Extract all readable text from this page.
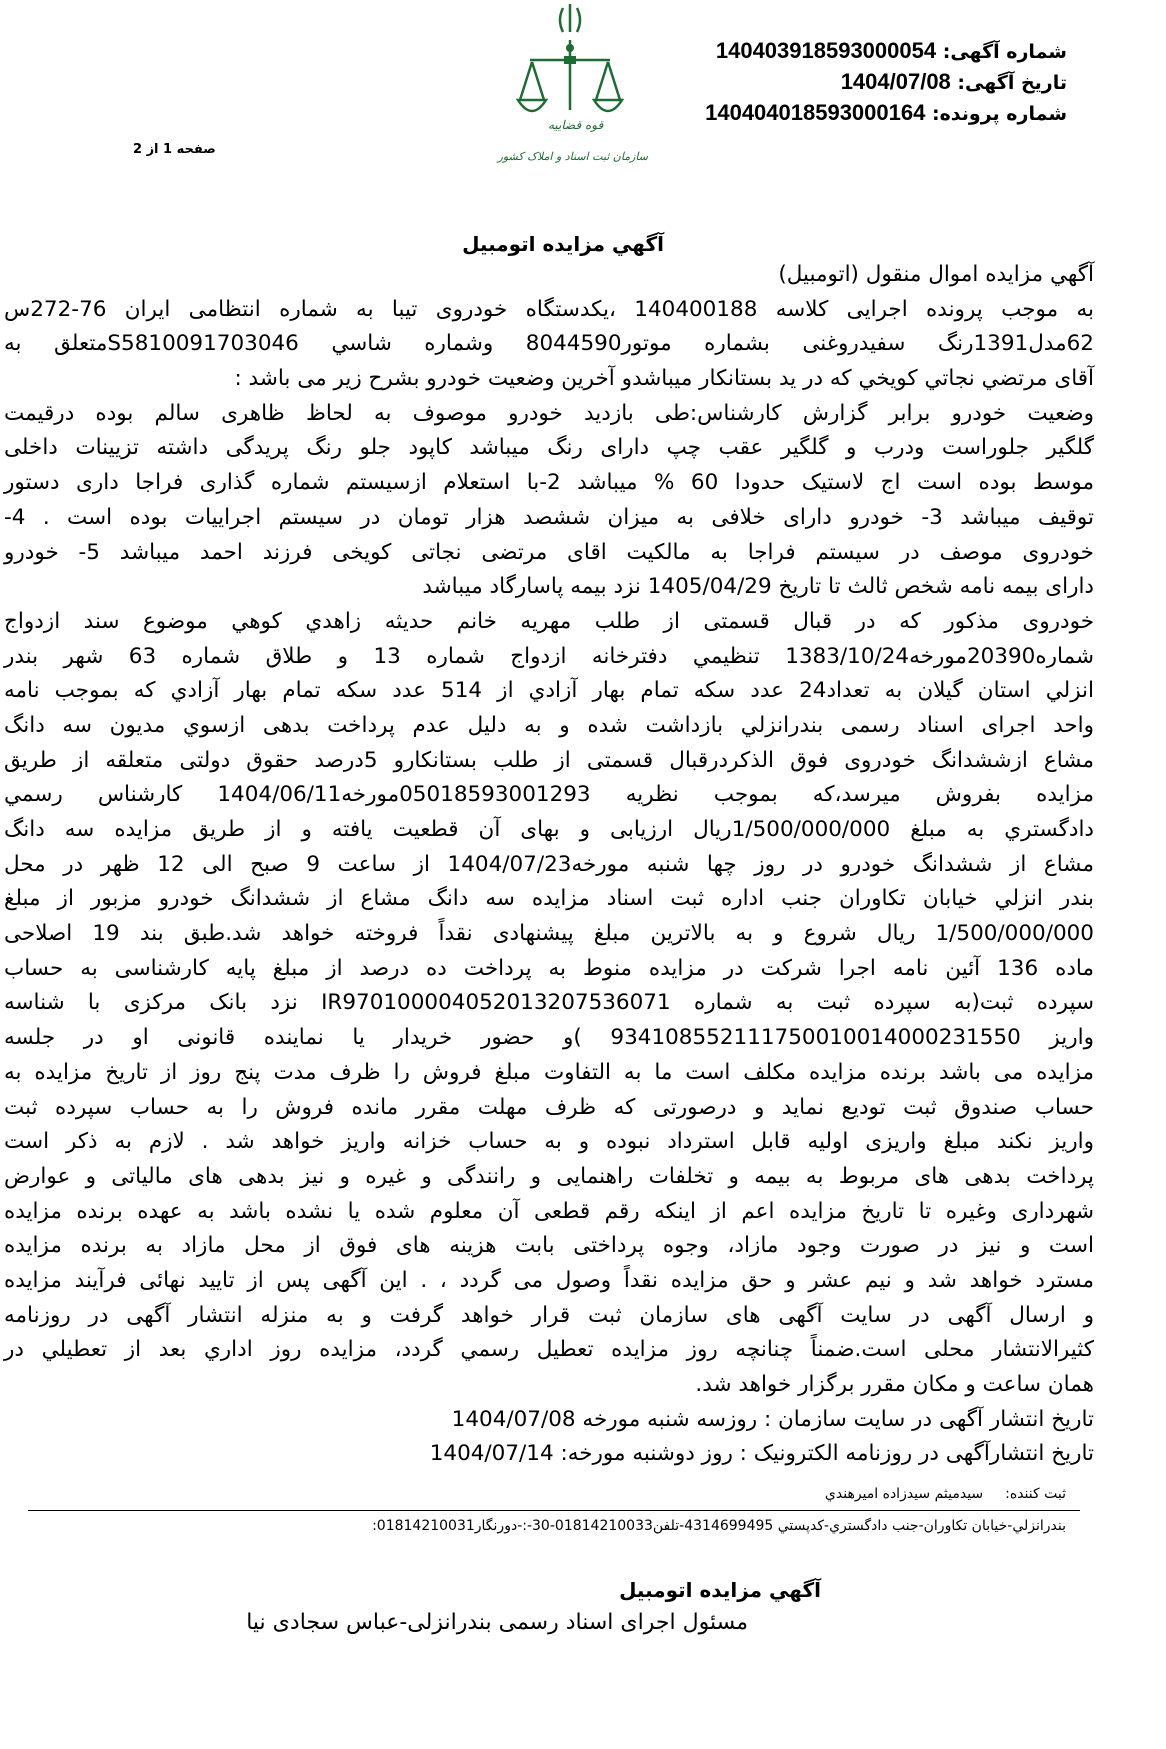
شماره آگهی: 140403918593000054
تاریخ آگهی: 1404/07/08
شماره پرونده: 140404018593000164
قوه قضاییه
سازمان ثبت اسناد و املاک کشور
صفحه 1 از 2
آگهي مزايده اتومبيل
آگهي مزايده اموال منقول (اتومبيل)
به موجب پرونده اجرایی کلاسه 140400188 ،یکدستگاه خودروی تیبا به شماره انتظامی ایران 76-272س
62مدل1391رنگ سفیدروغنی بشماره موتور8044590 وشماره شاسي S5810091703046متعلق به
آقای مرتضي نجاتي كويخي كه در يد بستانكار ميباشدو آخرین وضعیت خودرو بشرح زیر می باشد :
وضعیت خودرو برابر گزارش کارشناس:طی بازدید خودرو موصوف به لحاظ ظاهری سالم بوده درقیمت
گلگیر جلوراست ودرب و گلگیر عقب چپ دارای رنگ میباشد کاپود جلو رنگ پریدگی داشته تزیینات داخلی
موسط بوده است اج لاستیک حدودا 60 % میباشد 2-با استعلام ازسیستم شماره گذاری فراجا داری دستور
توقیف میباشد 3- خودرو دارای خلافی به میزان ششصد هزار تومان در سیستم اجراییات بوده است . 4-
خودروی موصف در سیستم فراجا به مالکیت اقای مرتضی نجاتی کویخی فرزند احمد میباشد 5- خودرو
دارای بیمه نامه شخص ثالث تا تاریخ 1405/04/29 نزد بیمه پاسارگاد میباشد
خودروی مذکور که در قبال قسمتی از طلب مهریه خانم حدیثه زاهدي كوهي موضوع سند ازدواج
شماره20390مورخه1383/10/24 تنظيمي دفترخانه ازدواج شماره 13 و طلاق شماره 63 شهر بندر
انزلي استان گيلان به تعداد24 عدد سكه تمام بهار آزادي از 514 عدد سكه تمام بهار آزادي كه بموجب نامه
واحد اجرای اسناد رسمی بندرانزلي بازداشت شده و به دلیل عدم پرداخت بدهی ازسوي مديون سه دانگ
مشاع ازششدانگ خودروی فوق الذکردرقبال قسمتی از طلب بستانکارو 5درصد حقوق دولتی متعلقه از طریق
مزایده بفروش میرسد،که بموجب نظریه 05018593001293مورخه1404/06/11 کارشناس رسمي
دادگستري به مبلغ 1/500/000/000ریال ارزیابی و بهای آن قطعیت یافته و از طریق مزایده سه دانگ
مشاع از ششدانگ خودرو در روز چها شنبه مورخه1404/07/23 از ساعت 9 صبح الی 12 ظهر در محل
بندر انزلي خيابان تكاوران جنب اداره ثبت اسناد مزایده سه دانگ مشاع از ششدانگ خودرو مزبور از مبلغ
1/500/000/000 ریال شروع و به بالاترین مبلغ پیشنهادی نقداً فروخته خواهد شد.طبق بند 19 اصلاحی
ماده 136 آئین نامه اجرا شرکت در مزایده منوط به پرداخت ده درصد از مبلغ پایه کارشناسی به حساب
سپرده ثبت(به سپرده ثبت به شماره IR970100004052013207536071 نزد بانک مرکزی با شناسه
واریز 934108552111750010014000231550 )و حضور خریدار یا نماینده قانونی او در جلسه
مزایده می باشد برنده مزایده مکلف است ما به التفاوت مبلغ فروش را ظرف مدت پنج روز از تاریخ مزایده به
حساب صندوق ثبت تودیع نماید و درصورتی که ظرف مهلت مقرر مانده فروش را به حساب سپرده ثبت
واریز نکند مبلغ واریزی اولیه قابل استرداد نبوده و به حساب خزانه واریز خواهد شد . لازم به ذکر است
پرداخت بدهی های مربوط به بیمه و تخلفات راهنمایی و رانندگی و غیره و نیز بدهی های مالیاتی و عوارض
شهرداری وغیره تا تاریخ مزایده اعم از اینکه رقم قطعی آن معلوم شده یا نشده باشد به عهده برنده مزایده
است و نیز در صورت وجود مازاد، وجوه پرداختی بابت هزینه های فوق از محل مازاد به برنده مزایده
مسترد خواهد شد و نیم عشر و حق مزایده نقداً وصول می گردد ، . این آگهی پس از تایید نهائی فرآیند مزایده
و ارسال آگهی در سایت آگهی های سازمان ثبت قرار خواهد گرفت و به منزله انتشار آگهی در روزنامه
کثیرالانتشار محلی است.ضمناً چنانچه روز مزایده تعطیل رسمي گردد، مزايده روز اداري بعد از تعطيلي در
همان ساعت و مکان مقرر برگزار خواهد شد.
تاریخ انتشار آگهی در سایت سازمان : روزسه شنبه مورخه 1404/07/08
تاریخ انتشارآگهی در روزنامه الکترونیک : روز دوشنبه مورخه: 1404/07/14
ثبت کننده:سیدمیثم سیدزاده امیرهندي
بندرانزلي-خيابان تكاوران-جنب دادگستري-كدپستي 4314699495-تلفن01814210033-30-:-دورنگار01814210031:
آگهي مزايده اتومبيل
مسئول اجرای اسناد رسمی بندرانزلی-عباس سجادی نیا
